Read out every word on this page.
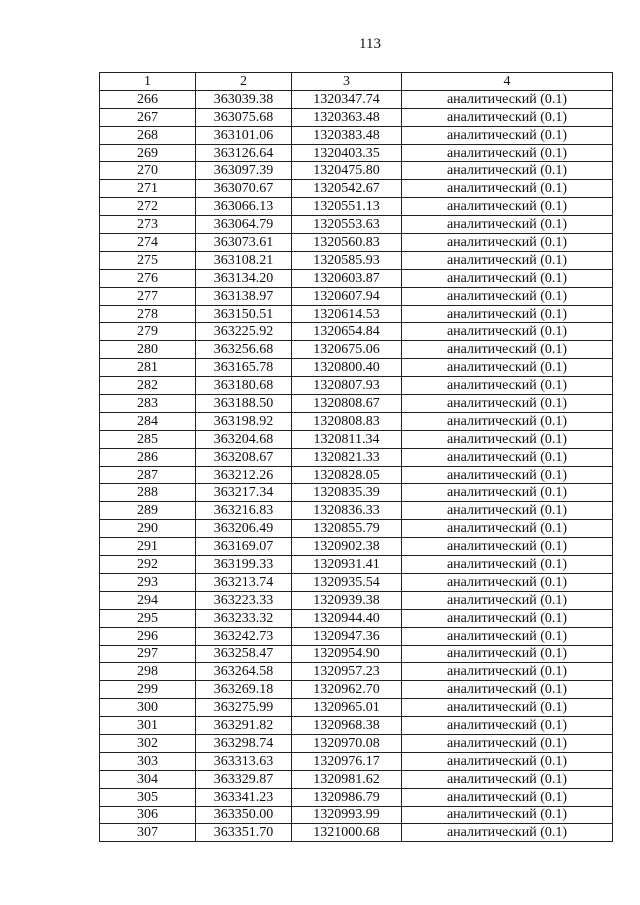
113
1	2	3	4
266	363039.38	1320347.74	аналитический (0.1)
267	363075.68	1320363.48	аналитический (0.1)
268	363101.06	1320383.48	аналитический (0.1)
269	363126.64	1320403.35	аналитический (0.1)
270	363097.39	1320475.80	аналитический (0.1)
271	363070.67	1320542.67	аналитический (0.1)
272	363066.13	1320551.13	аналитический (0.1)
273	363064.79	1320553.63	аналитический (0.1)
274	363073.61	1320560.83	аналитический (0.1)
275	363108.21	1320585.93	аналитический (0.1)
276	363134.20	1320603.87	аналитический (0.1)
277	363138.97	1320607.94	аналитический (0.1)
278	363150.51	1320614.53	аналитический (0.1)
279	363225.92	1320654.84	аналитический (0.1)
280	363256.68	1320675.06	аналитический (0.1)
281	363165.78	1320800.40	аналитический (0.1)
282	363180.68	1320807.93	аналитический (0.1)
283	363188.50	1320808.67	аналитический (0.1)
284	363198.92	1320808.83	аналитический (0.1)
285	363204.68	1320811.34	аналитический (0.1)
286	363208.67	1320821.33	аналитический (0.1)
287	363212.26	1320828.05	аналитический (0.1)
288	363217.34	1320835.39	аналитический (0.1)
289	363216.83	1320836.33	аналитический (0.1)
290	363206.49	1320855.79	аналитический (0.1)
291	363169.07	1320902.38	аналитический (0.1)
292	363199.33	1320931.41	аналитический (0.1)
293	363213.74	1320935.54	аналитический (0.1)
294	363223.33	1320939.38	аналитический (0.1)
295	363233.32	1320944.40	аналитический (0.1)
296	363242.73	1320947.36	аналитический (0.1)
297	363258.47	1320954.90	аналитический (0.1)
298	363264.58	1320957.23	аналитический (0.1)
299	363269.18	1320962.70	аналитический (0.1)
300	363275.99	1320965.01	аналитический (0.1)
301	363291.82	1320968.38	аналитический (0.1)
302	363298.74	1320970.08	аналитический (0.1)
303	363313.63	1320976.17	аналитический (0.1)
304	363329.87	1320981.62	аналитический (0.1)
305	363341.23	1320986.79	аналитический (0.1)
306	363350.00	1320993.99	аналитический (0.1)
307	363351.70	1321000.68	аналитический (0.1)
